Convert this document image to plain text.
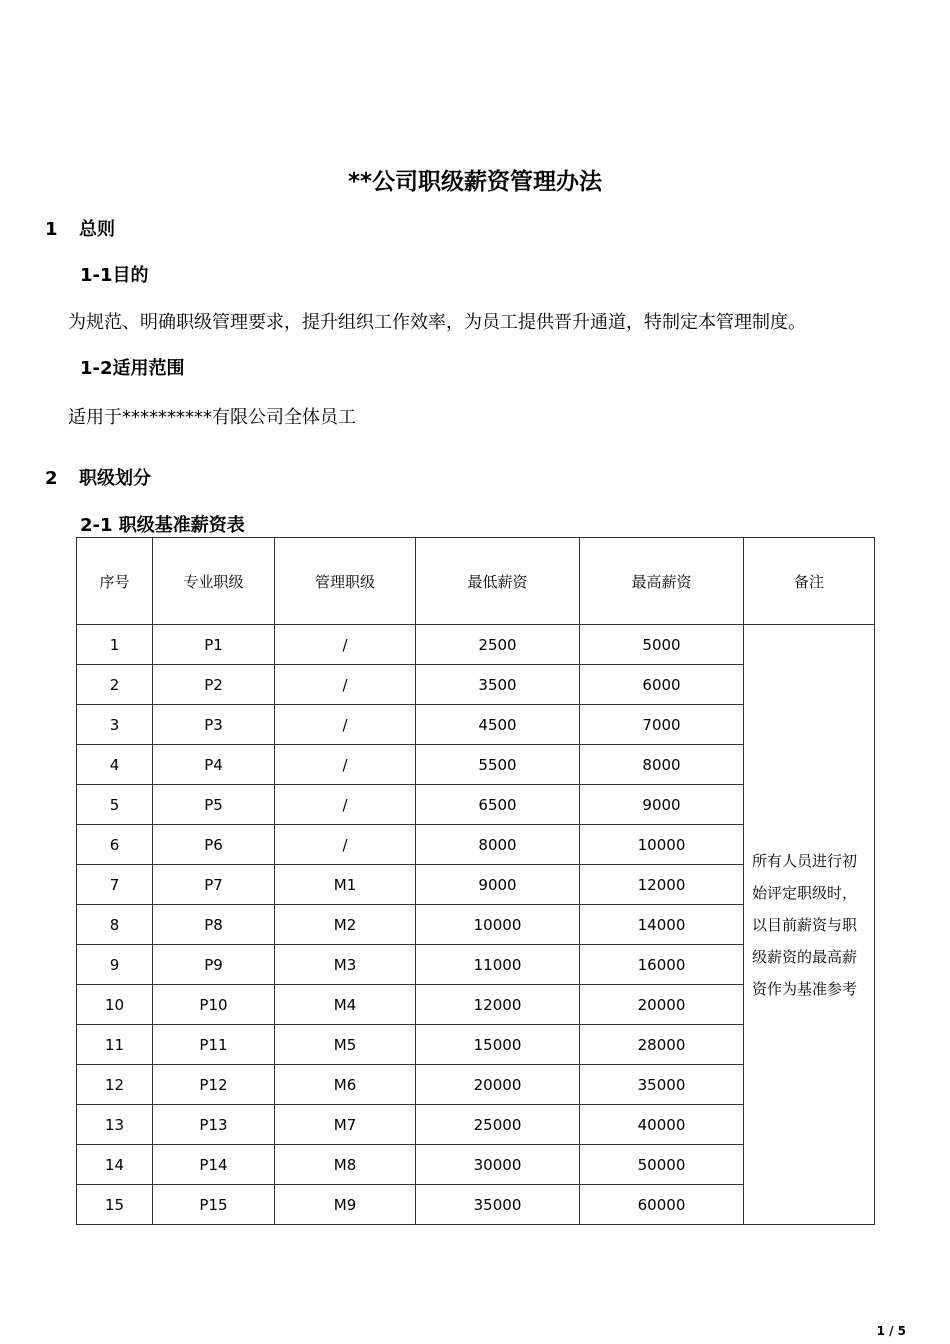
**公司职级薪资管理办法
1 总则
1-1目的
为规范、明确职级管理要求，提升组织工作效率，为员工提供晋升通道，特制定本管理制度。
1-2适用范围
适用于**********有限公司全体员工
2 职级划分
2-1 职级基准薪资表
序号	专业职级	管理职级	最低薪资	最高薪资	备注
1	P1	/	2500	5000	所有人员进行初始评定职级时，以目前薪资与职级薪资的最高薪资作为基准参考
2	P2	/	3500	6000	
3	P3	/	4500	7000	
4	P4	/	5500	8000	
5	P5	/	6500	9000	
6	P6	/	8000	10000	
7	P7	M1	9000	12000	
8	P8	M2	10000	14000	
9	P9	M3	11000	16000	
10	P10	M4	12000	20000	
11	P11	M5	15000	28000	
12	P12	M6	20000	35000	
13	P13	M7	25000	40000	
14	P14	M8	30000	50000	
15	P15	M9	35000	60000	
1 / 5
